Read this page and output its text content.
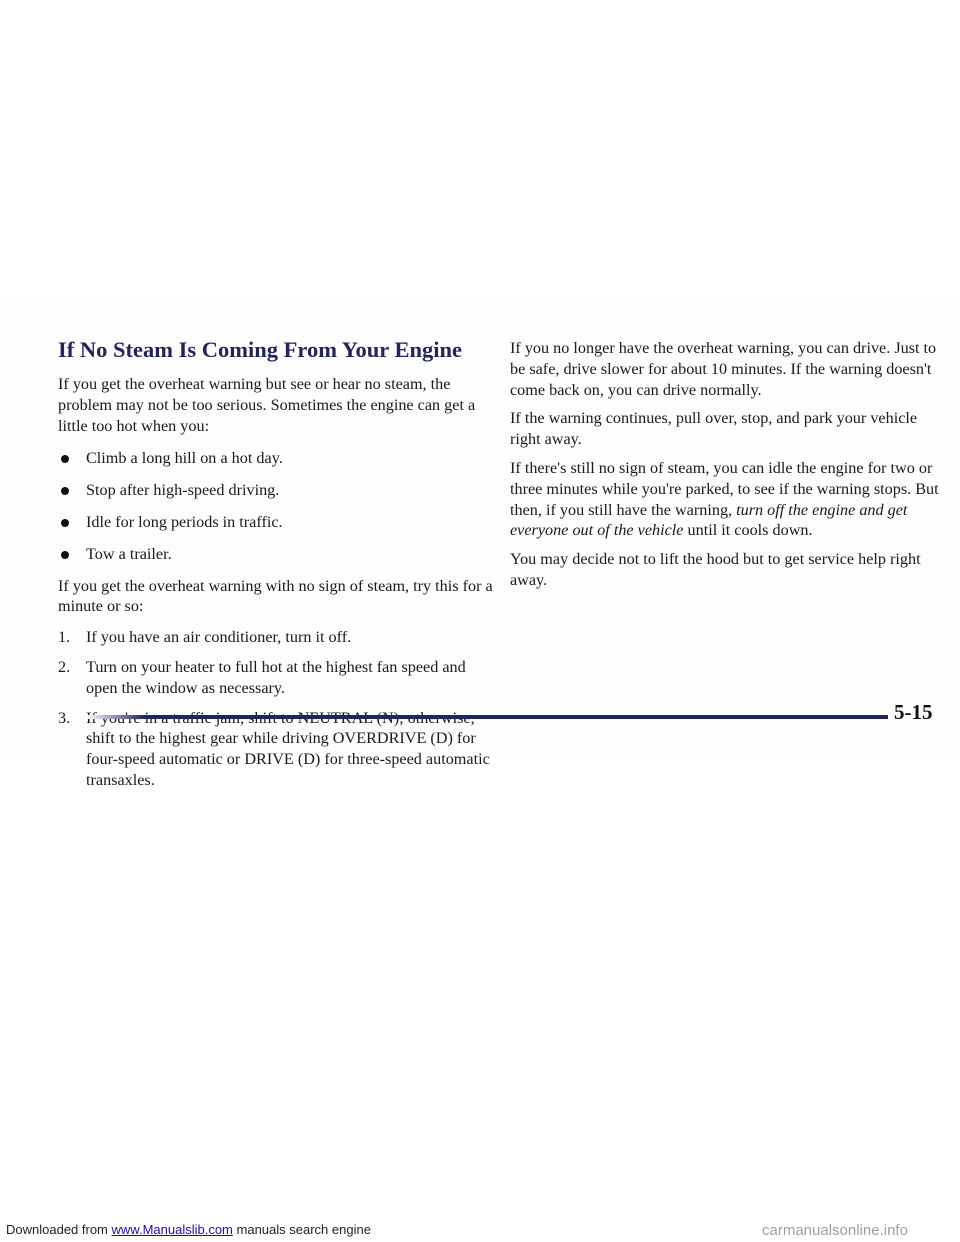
If No Steam Is Coming From Your Engine

If you get the overheat warning but see or hear no steam, the problem may not be too serious. Sometimes the engine can get a little too hot when you:

Climb a long hill on a hot day.
Stop after high-speed driving.
Idle for long periods in traffic.
Tow a trailer.

If you get the overheat warning with no sign of steam, try this for a minute or so:

1. If you have an air conditioner, turn it off.
2. Turn on your heater to full hot at the highest fan speed and open the window as necessary.
3.
shift to the highest gear while driving OVERDRIVE (D) for four-speed automatic or DRIVE (D) for three-speed automatic transaxles.

If you no longer have the overheat warning, you can drive. Just to be safe, drive slower for about 10 minutes. If the warning doesn't come back on, you can drive normally.

If the warning continues, pull over, stop, and park your vehicle right away.

If there's still no sign of steam, you can idle the engine for two or three minutes while you're parked, to see if the warning stops. But then, if you still have the warning, turn off the engine and get everyone out of the vehicle until it cools down.

You may decide not to lift the hood but to get service help right away.

5-15
Downloaded from www.Manualslib.com manuals search engine	carmanualsonline.info
